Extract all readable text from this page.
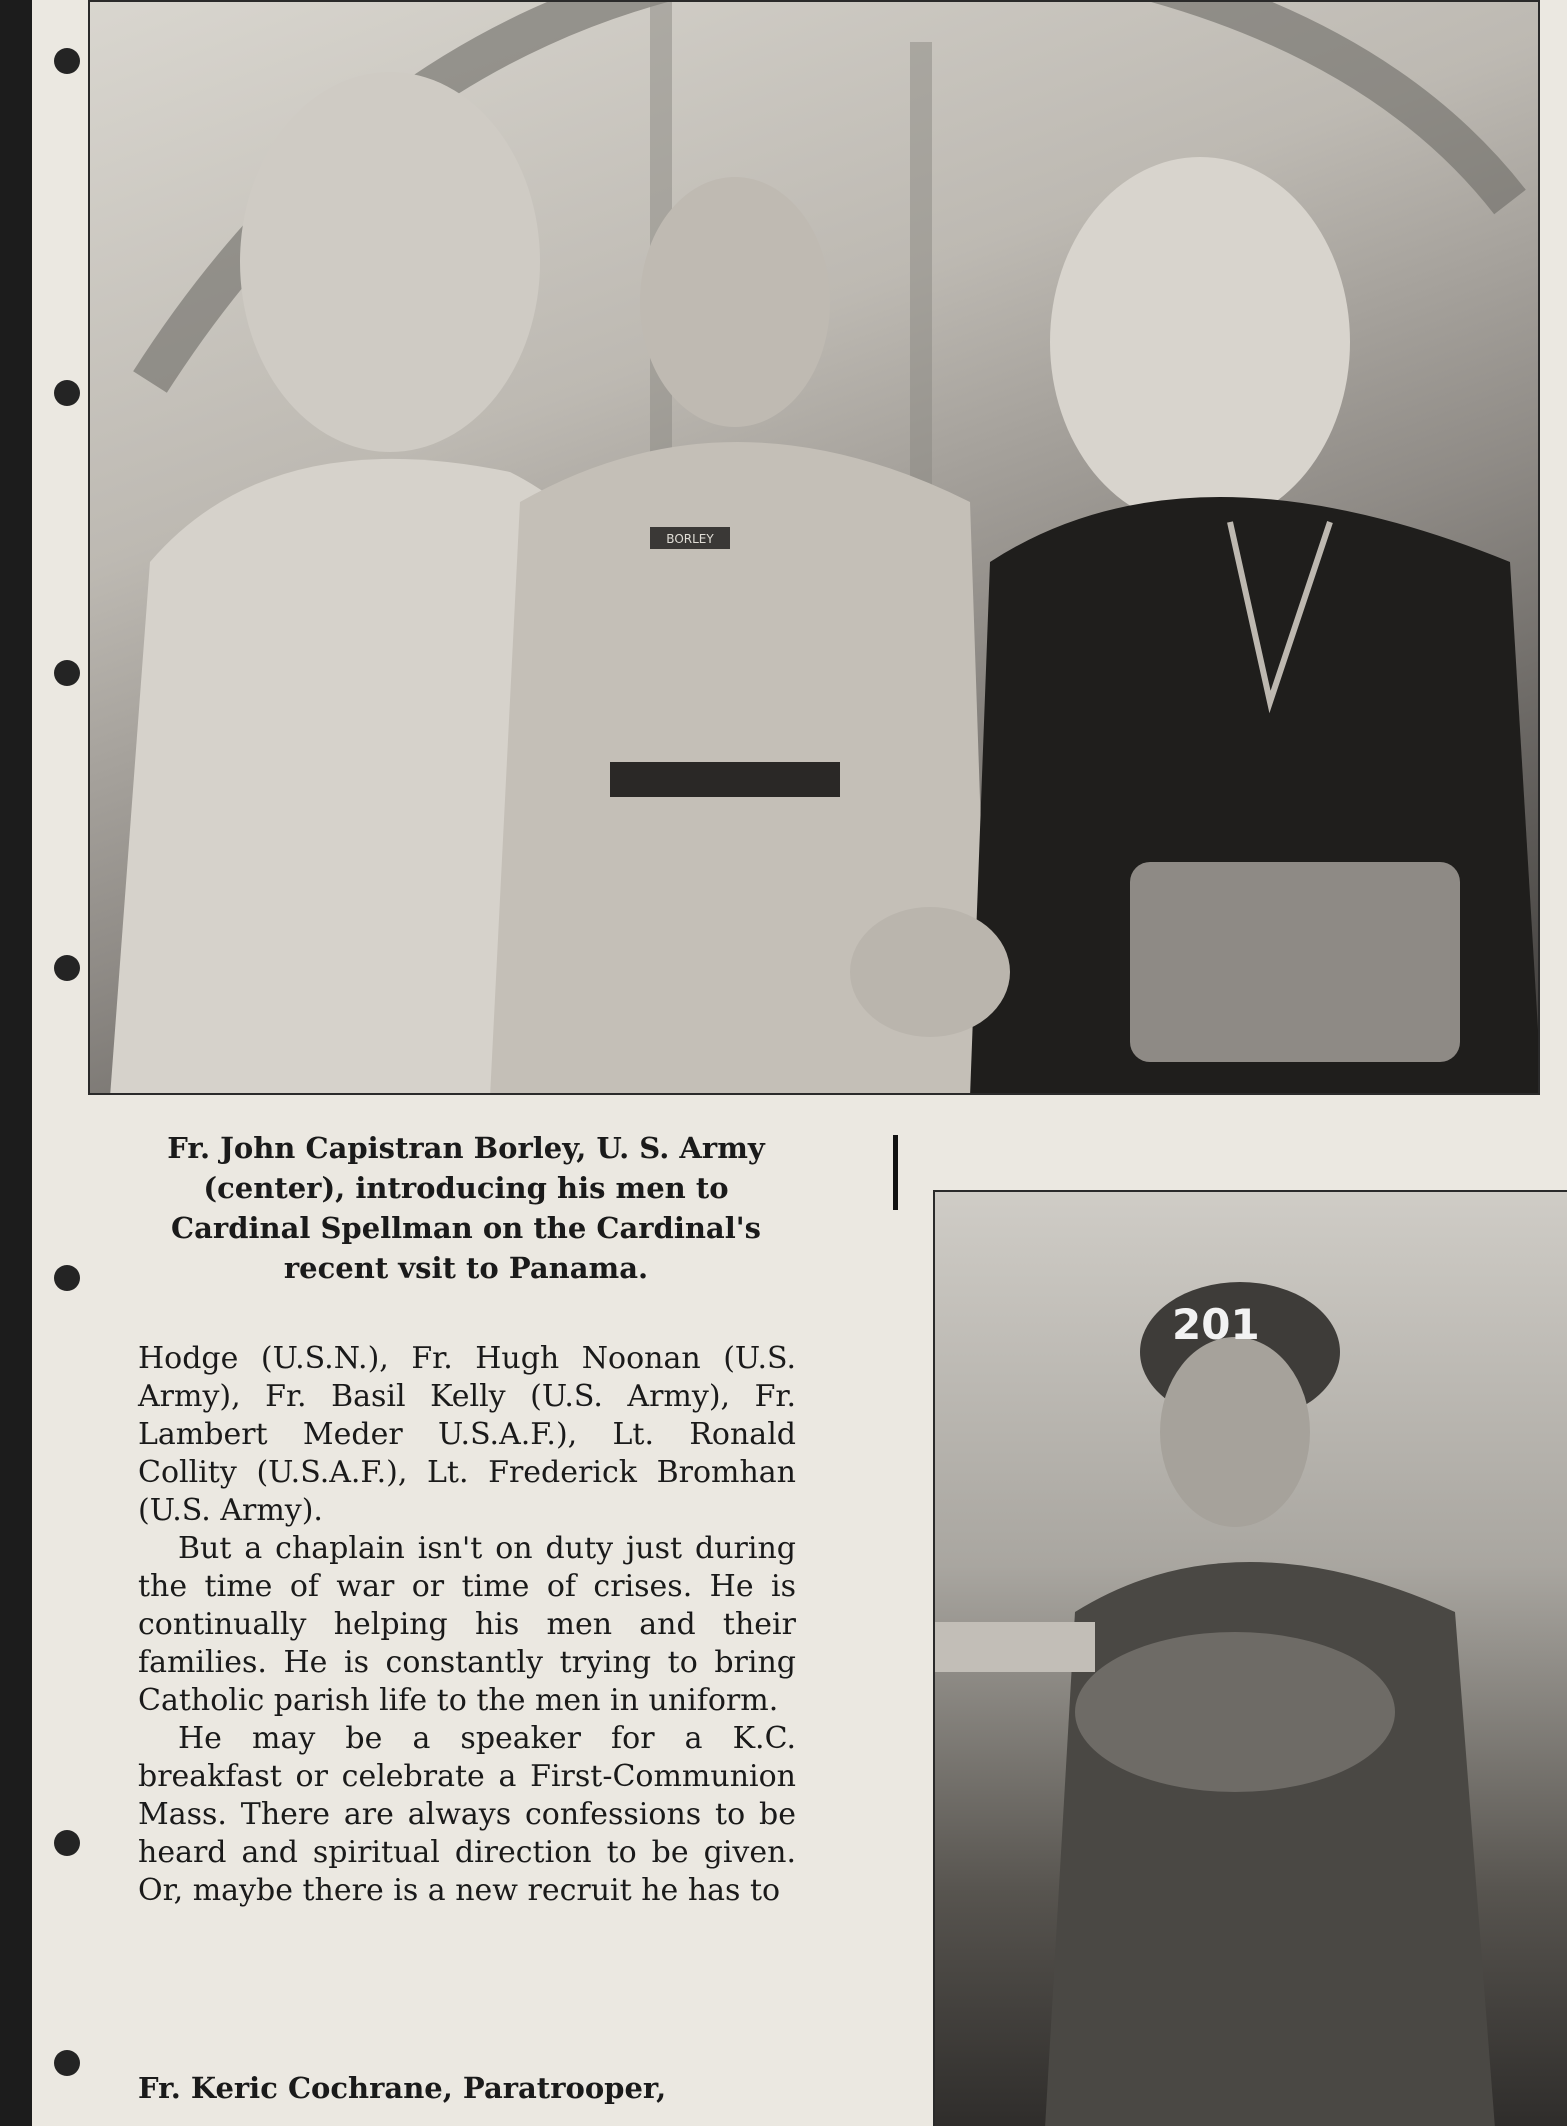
BORLEY
201
Fr. John Capistran Borley, U. S. Army (center), introducing his men to Cardinal Spellman on the Cardinal's recent vsit to Panama.

Hodge (U.S.N.), Fr. Hugh Noonan (U.S. Army), Fr. Basil Kelly (U.S. Army), Fr. Lambert Meder U.S.A.F.), Lt. Ronald Collity (U.S.A.F.), Lt. Frederick Bromhan (U.S. Army).

But a chaplain isn't on duty just during the time of war or time of crises. He is continually helping his men and their families. He is constantly trying to bring Catholic parish life to the men in uniform.

He may be a speaker for a K.C. breakfast or celebrate a First-Communion Mass. There are always confessions to be heard and spiritual direction to be given. Or, maybe there is a new recruit he has to

Fr. Keric Cochrane, Paratrooper,
